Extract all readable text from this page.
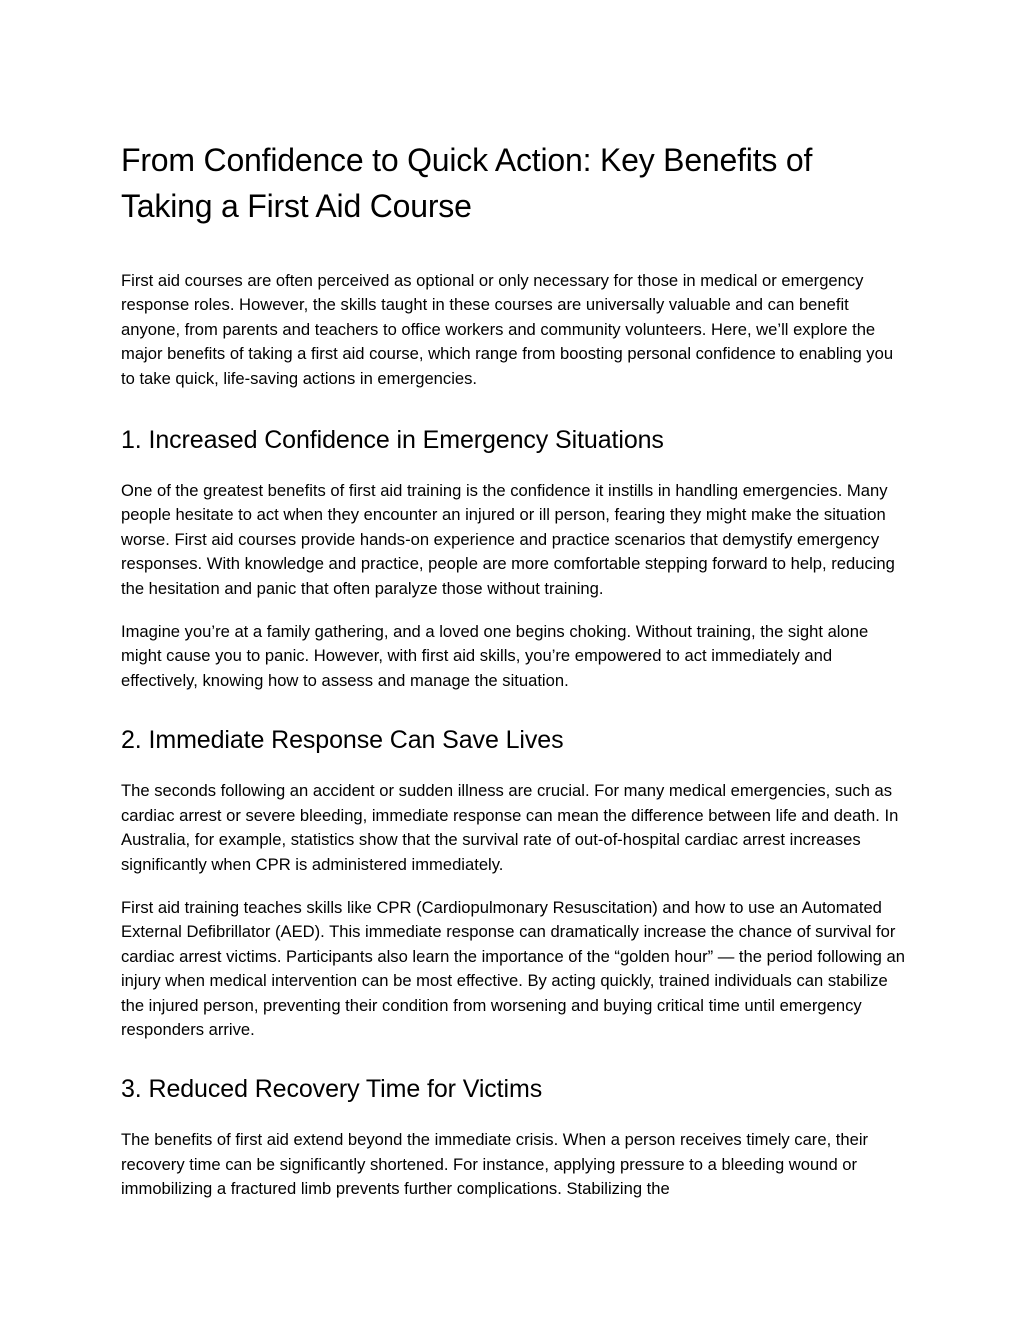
From Confidence to Quick Action: Key Benefits of Taking a First Aid Course

First aid courses are often perceived as optional or only necessary for those in medical or emergency response roles. However, the skills taught in these courses are universally valuable and can benefit anyone, from parents and teachers to office workers and community volunteers. Here, we’ll explore the major benefits of taking a first aid course, which range from boosting personal confidence to enabling you to take quick, life-saving actions in emergencies.

1. Increased Confidence in Emergency Situations

One of the greatest benefits of first aid training is the confidence it instills in handling emergencies. Many people hesitate to act when they encounter an injured or ill person, fearing they might make the situation worse. First aid courses provide hands-on experience and practice scenarios that demystify emergency responses. With knowledge and practice, people are more comfortable stepping forward to help, reducing the hesitation and panic that often paralyze those without training.

Imagine you’re at a family gathering, and a loved one begins choking. Without training, the sight alone might cause you to panic. However, with first aid skills, you’re empowered to act immediately and effectively, knowing how to assess and manage the situation.

2. Immediate Response Can Save Lives

The seconds following an accident or sudden illness are crucial. For many medical emergencies, such as cardiac arrest or severe bleeding, immediate response can mean the difference between life and death. In Australia, for example, statistics show that the survival rate of out-of-hospital cardiac arrest increases significantly when CPR is administered immediately.

First aid training teaches skills like CPR (Cardiopulmonary Resuscitation) and how to use an Automated External Defibrillator (AED). This immediate response can dramatically increase the chance of survival for cardiac arrest victims. Participants also learn the importance of the “golden hour” — the period following an injury when medical intervention can be most effective. By acting quickly, trained individuals can stabilize the injured person, preventing their condition from worsening and buying critical time until emergency responders arrive.

3. Reduced Recovery Time for Victims

The benefits of first aid extend beyond the immediate crisis. When a person receives timely care, their recovery time can be significantly shortened. For instance, applying pressure to a bleeding wound or immobilizing a fractured limb prevents further complications. Stabilizing the
